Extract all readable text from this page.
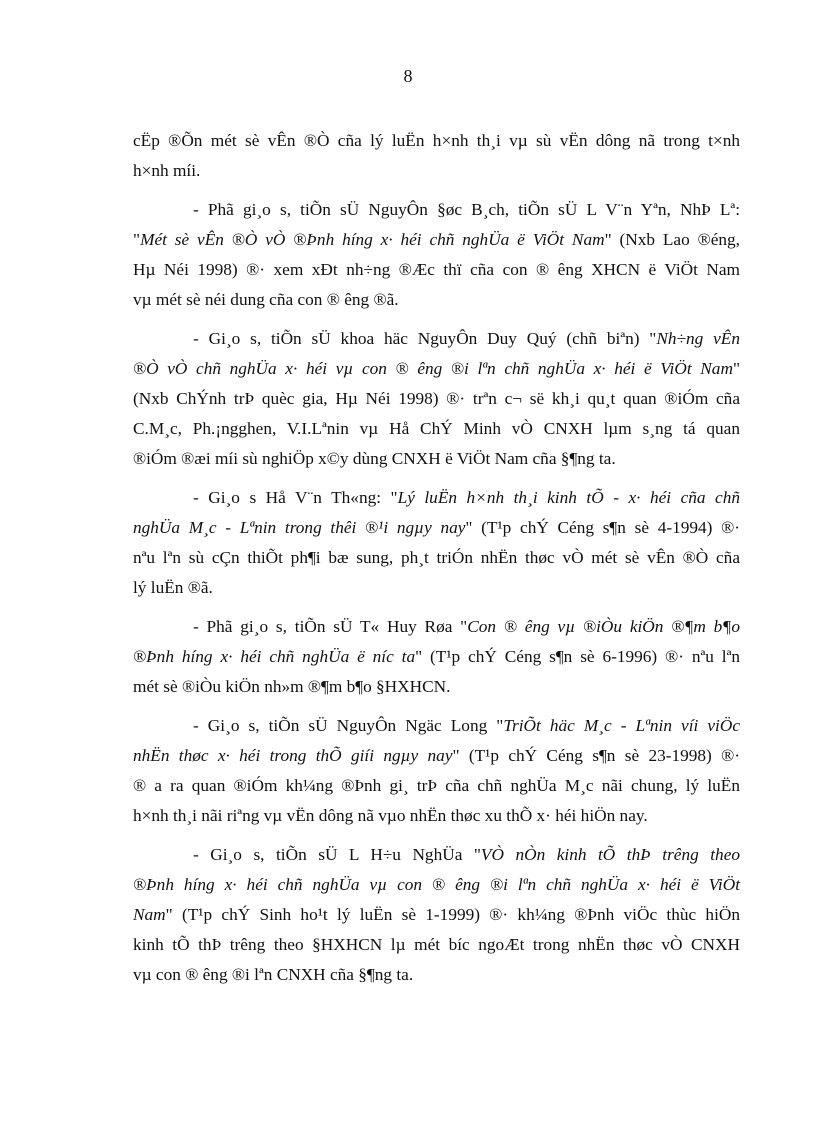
8
cËp ®Õn mét sè vÊn ®Ò cña lý luËn h×nh th¸i vµ sù vËn dông nã trong t×nh
h×nh míi.
- Phã gi¸o s, tiÕn sÜ NguyÔn §øc B¸ch, tiÕn sÜ L V¨n Yªn, NhÞ Lª:
"Mét sè vÊn ®Ò vÒ ®Þnh híng x· héi chñ nghÜa ë ViÖt Nam" (Nxb Lao ®éng,
Hµ Néi 1998) ®· xem xÐt nh÷ng ®Æc thï cña con ® êng XHCN ë ViÖt Nam
vµ mét sè néi dung cña con ® êng ®ã.
- Gi¸o s, tiÕn sÜ khoa häc NguyÔn Duy Quý (chñ biªn) "Nh÷ng vÊn
®Ò vÒ chñ nghÜa x· héi vµ con ® êng ®i lªn chñ nghÜa x· héi ë ViÖt Nam"
(Nxb ChÝnh trÞ quèc gia, Hµ Néi 1998) ®· trªn c¬ së kh¸i qu¸t quan ®iÓm cña
C.M¸c, Ph.¡ngghen, V.I.Lªnin vµ Hå ChÝ Minh vÒ CNXH lµm s¸ng tá quan
®iÓm ®æi míi sù nghiÖp x©y dùng CNXH ë ViÖt Nam cña §¶ng ta.
- Gi¸o s Hå V¨n Th«ng: "Lý luËn h×nh th¸i kinh tÕ - x· héi cña chñ
nghÜa M¸c - Lªnin trong thêi ®¹i ngµy nay" (T¹p chÝ Céng s¶n sè 4-1994) ®·
nªu lªn sù cÇn thiÕt ph¶i bæ sung, ph¸t triÓn nhËn thøc vÒ mét sè vÊn ®Ò cña
lý luËn ®ã.
- Phã gi¸o s, tiÕn sÜ T« Huy Røa "Con ® êng vµ ®iÒu kiÖn ®¶m b¶o
®Þnh híng x· héi chñ nghÜa ë níc ta" (T¹p chÝ Céng s¶n sè 6-1996) ®· nªu lªn
mét sè ®iÒu kiÖn nh»m ®¶m b¶o §HXHCN.
- Gi¸o s, tiÕn sÜ NguyÔn Ngäc Long "TriÕt häc M¸c - Lªnin víi viÖc
nhËn thøc x· héi trong thÕ giíi ngµy nay" (T¹p chÝ Céng s¶n sè 23-1998) ®·
® a ra quan ®iÓm kh¼ng ®Þnh gi¸ trÞ cña chñ nghÜa M¸c nãi chung, lý luËn
h×nh th¸i nãi riªng vµ vËn dông nã vµo nhËn thøc xu thÕ x· héi hiÖn nay.
- Gi¸o s, tiÕn sÜ L H÷u NghÜa "VÒ nÒn kinh tÕ thÞ trêng theo
®Þnh híng x· héi chñ nghÜa vµ con ® êng ®i lªn chñ nghÜa x· héi ë ViÖt
Nam" (T¹p chÝ Sinh ho¹t lý luËn sè 1-1999) ®· kh¼ng ®Þnh viÖc thùc hiÖn
kinh tÕ thÞ trêng theo §HXHCN lµ mét bíc ngoÆt trong nhËn thøc vÒ CNXH
vµ con ® êng ®i lªn CNXH cña §¶ng ta.
